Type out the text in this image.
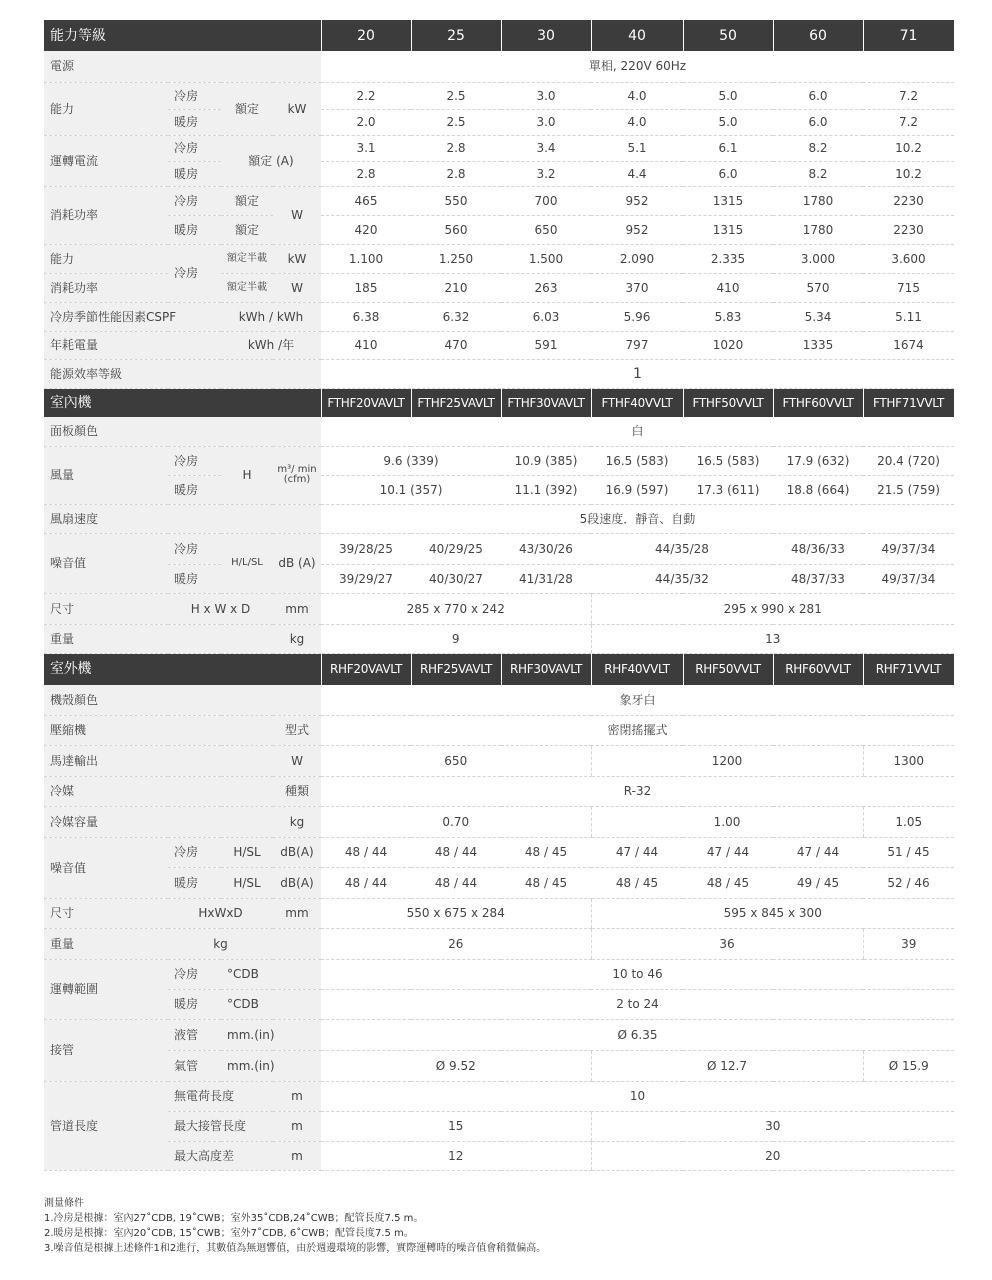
能力等級				20	25	30	40	50	60	71
電源				單相, 220V 60Hz						
能力	冷房	額定	kW	2.2	2.5	3.0	4.0	5.0	6.0	7.2
	暖房			2.0	2.5	3.0	4.0	5.0	6.0	7.2
運轉電流	冷房	額定 (A)		3.1	2.8	3.4	5.1	6.1	8.2	10.2
	暖房			2.8	2.8	3.2	4.4	6.0	8.2	10.2
消耗功率	冷房	額定	W	465	550	700	952	1315	1780	2230
	暖房	額定		420	560	650	952	1315	1780	2230
能力	冷房	額定半載	kW	1.100	1.250	1.500	2.090	2.335	3.000	3.600
消耗功率		額定半載	W	185	210	263	370	410	570	715
冷房季節性能因素CSPF		kWh / kWh		6.38	6.32	6.03	5.96	5.83	5.34	5.11
年耗電量		kWh /年		410	470	591	797	1020	1335	1674
能源效率等級				1						
室內機				FTHF20VAVLT	FTHF25VAVLT	FTHF30VAVLT	FTHF40VVLT	FTHF50VVLT	FTHF60VVLT	FTHF71VVLT
面板顏色				白						
風量	冷房	H	m³/ min (cfm)	9.6 (339)		10.9 (385)	16.5 (583)	16.5 (583)	17.9 (632)	20.4 (720)
	暖房			10.1 (357)		11.1 (392)	16.9 (597)	17.3 (611)	18.8 (664)	21.5 (759)
風扇速度				5段速度．靜音、自動						
噪音值	冷房	H/L/SL	dB (A)	39/28/25	40/29/25	43/30/26	44/35/28		48/36/33	49/37/34
	暖房			39/29/27	40/30/27	41/31/28	44/35/32		48/37/33	49/37/34
尺寸	H x W x D		mm	285 x 770 x 242			295 x 990 x 281			
重量			kg	9			13			
室外機				RHF20VAVLT	RHF25VAVLT	RHF30VAVLT	RHF40VVLT	RHF50VVLT	RHF60VVLT	RHF71VVLT
機殼顏色				象牙白						
壓縮機			型式	密閉搖擺式						
馬達輸出			W	650			1200			1300
冷媒			種類	R-32						
冷媒容量			kg	0.70			1.00			1.05
噪音值	冷房	H/SL	dB(A)	48 / 44	48 / 44	48 / 45	47 / 44	47 / 44	47 / 44	51 / 45
	暖房	H/SL	dB(A)	48 / 44	48 / 44	48 / 45	48 / 45	48 / 45	49 / 45	52 / 46
尺寸	HxWxD		mm	550 x 675 x 284			595 x 845 x 300			
重量	kg			26			36			39
運轉範圍	冷房	°CDB		10 to 46						
	暖房	°CDB		2 to 24						
接管	液管	mm.(in)		Ø 6.35						
	氣管	mm.(in)		Ø 9.52			Ø 12.7			Ø 15.9
管道長度	無電荷長度		m	10						
	最大接管長度		m	15			30			
	最大高度差		m	12			20			
測量條件
1.冷房是根據：室內27˚CDB, 19˚CWB；室外35˚CDB,24˚CWB；配管長度7.5 m。
2.暖房是根據：室內20˚CDB, 15˚CWB；室外7˚CDB, 6˚CWB；配管長度7.5 m。
3.噪音值是根據上述條件1和2進行，其數值為無迴響值，由於週邊環境的影響，實際運轉時的噪音值會稍微偏高。
